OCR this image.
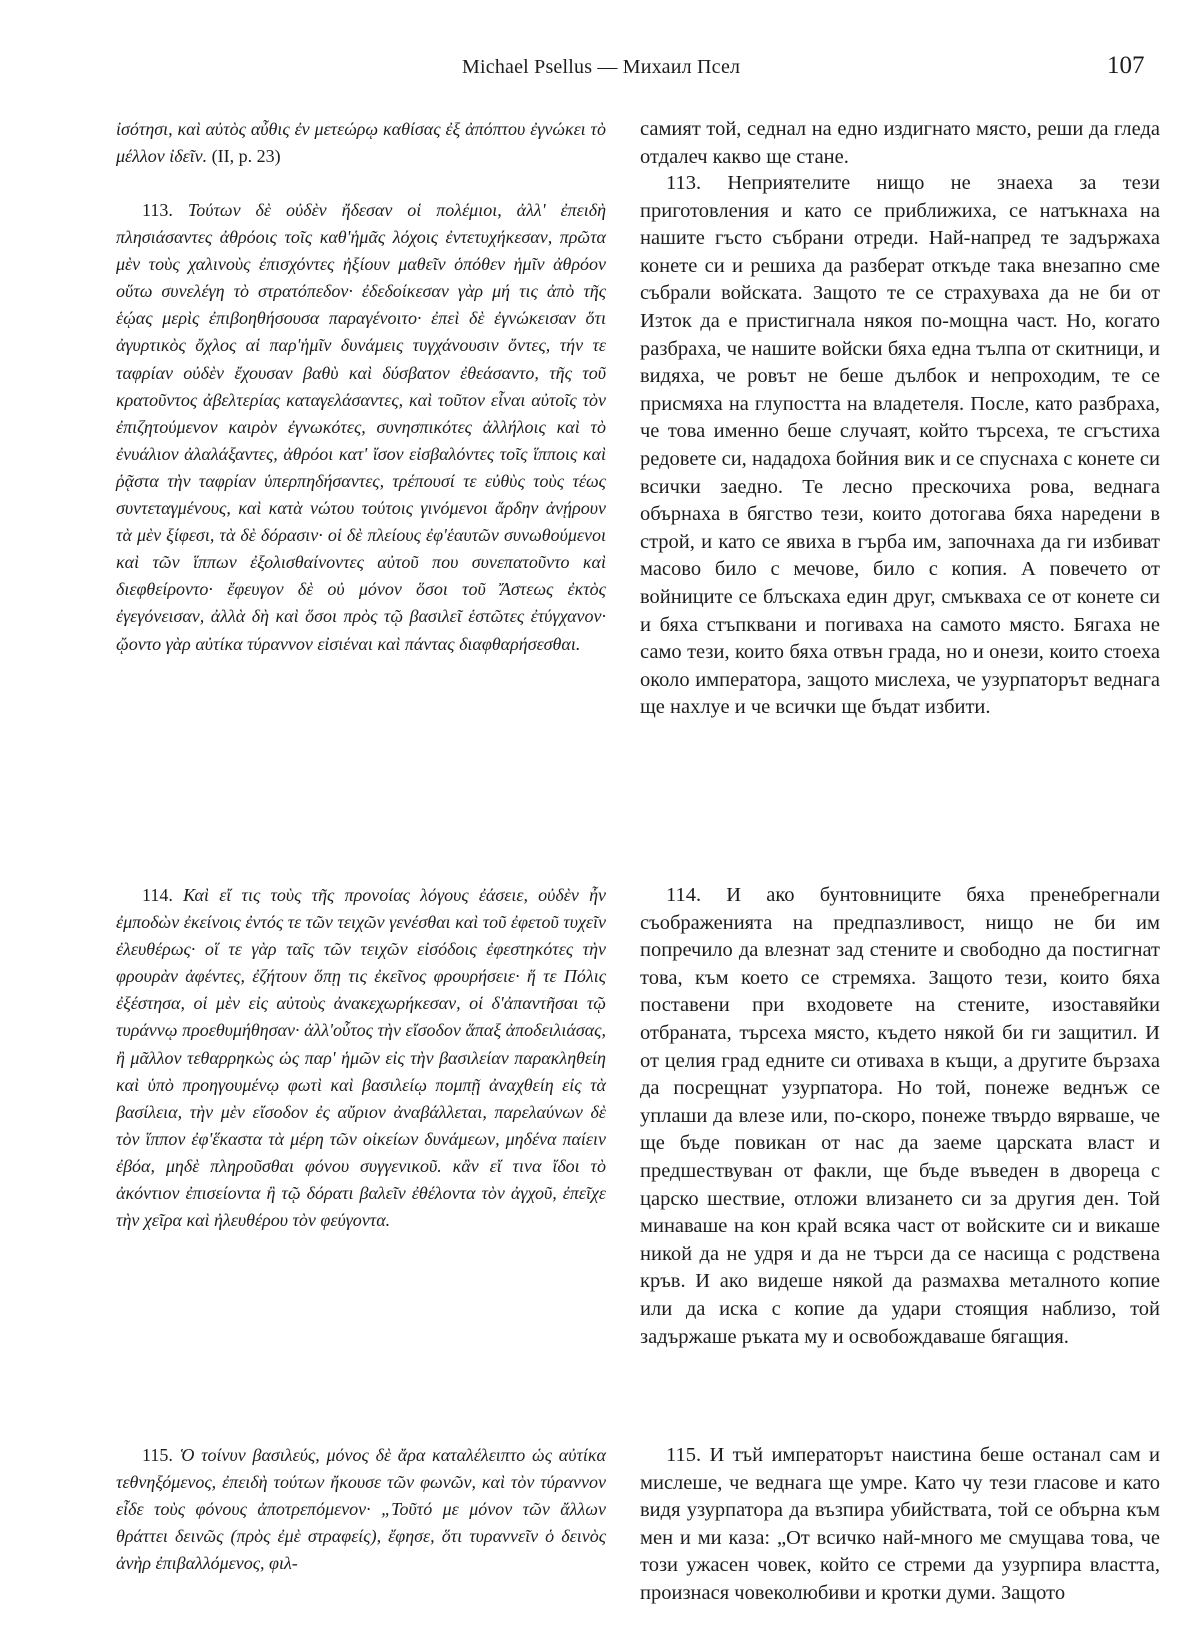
Michael Psellus — Михаил Псел	107
ἰσότησι, καὶ αὐτὸς αὖθις ἐν μετεώρῳ καθίσας ἐξ ἀπόπτου ἐγνώκει τὸ μέλλον ἰδεῖν. (II, p. 23)
113. Τούτων δὲ οὐδὲν ἤδεσαν οἱ πολέμιοι, ἀλλ' ἐπειδὴ πλησιάσαντες ἀθρόοις τοῖς καθ'ἡμᾶς λόχοις ἐντετυχήκεσαν, πρῶτα μὲν τοὺς χαλινοὺς ἐπισχόντες ἠξίουν μαθεῖν ὁπόθεν ἡμῖν ἀθρόον οὕτω συνελέγη τὸ στρατόπεδον· ἐδεδοίκεσαν γὰρ μή τις ἀπὸ τῆς ἑῴας μερὶς ἐπιβοηθήσουσα παραγένοιτο· ἐπεὶ δὲ ἐγνώκεισαν ὅτι ἀγυρτικὸς ὄχλος αἱ παρ'ἡμῖν δυνάμεις τυγχάνουσιν ὄντες, τήν τε ταφρίαν οὐδὲν ἔχουσαν βαθὺ καὶ δύσβατον ἐθεάσαντο, τῆς τοῦ κρατοῦντος ἀβελτερίας καταγελάσαντες, καὶ τοῦτον εἶναι αὐτοῖς τὸν ἐπιζητούμενον καιρὸν ἐγνωκότες, συνησπικότες ἀλλήλοις καὶ τὸ ἐνυάλιον ἀλαλάξαντες, ἀθρόοι κατ' ἴσον εἰσβαλόντες τοῖς ἵπποις καὶ ῥᾷστα τὴν ταφρίαν ὑπερπηδήσαντες, τρέπουσί τε εὐθὺς τοὺς τέως συντεταγμένους, καὶ κατὰ νώτου τούτοις γινόμενοι ἄρδην ἀνῄρουν τὰ μὲν ξίφεσι, τὰ δὲ δόρασιν· οἱ δὲ πλείους ἐφ'ἑαυτῶν συνωθούμενοι καὶ τῶν ἵππων ἐξολισθαίνοντες αὐτοῦ που συνεπατοῦντο καὶ διεφθείροντο· ἔφευγον δὲ οὐ μόνον ὅσοι τοῦ Ἄστεως ἐκτὸς ἐγεγόνεισαν, ἀλλὰ δὴ καὶ ὅσοι πρὸς τῷ βασιλεῖ ἑστῶτες ἐτύγχανον· ᾤοντο γὰρ αὐτίκα τύραννον εἰσιέναι καὶ πάντας διαφθαρήσεσθαι.
114. Καὶ εἴ τις τοὺς τῆς προνοίας λόγους ἐάσειε, οὐδὲν ἦν ἐμποδὼν ἐκείνοις ἐντός τε τῶν τειχῶν γενέσθαι καὶ τοῦ ἐφετοῦ τυχεῖν ἐλευθέρως· οἵ τε γὰρ ταῖς τῶν τειχῶν εἰσόδοις ἐφεστηκότες τὴν φρουρὰν ἀφέντες, ἐζήτουν ὅπῃ τις ἐκεῖνος φρουρήσειε· ἥ τε Πόλις ἐξέστησα, οἱ μὲν εἰς αὐτοὺς ἀνακεχωρήκεσαν, οἱ δ'ἀπαντῆσαι τῷ τυράννῳ προεθυμήθησαν· ἀλλ'οὗτος τὴν εἴσοδον ἅπαξ ἀποδειλιάσας, ἢ μᾶλλον τεθαρρηκὼς ὡς παρ' ἡμῶν εἰς τὴν βασιλείαν παρακληθείη καὶ ὑπὸ προηγουμένῳ φωτὶ καὶ βασιλείῳ πομπῇ ἀναχθείη εἰς τὰ βασίλεια, τὴν μὲν εἴσοδον ἐς αὔριον ἀναβάλλεται, παρελαύνων δὲ τὸν ἵππον ἐφ'ἕκαστα τὰ μέρη τῶν οἰκείων δυνάμεων, μηδένα παίειν ἐβόα, μηδὲ πληροῦσθαι φόνου συγγενικοῦ. κἂν εἴ τινα ἴδοι τὸ ἀκόντιον ἐπισείοντα ἢ τῷ δόρατι βαλεῖν ἐθέλοντα τὸν ἀγχοῦ, ἐπεῖχε τὴν χεῖρα καὶ ἠλευθέρου τὸν φεύγοντα.
115. Ὁ τοίνυν βασιλεύς, μόνος δὲ ἄρα καταλέλειπτο ὡς αὐτίκα τεθνηξόμενος, ἐπειδὴ τούτων ἤκουσε τῶν φωνῶν, καὶ τὸν τύραννον εἶδε τοὺς φόνους ἀποτρεπόμενον· „Τοῦτό με μόνον τῶν ἄλλων θράττει δεινῶς (πρὸς ἐμὲ στραφείς), ἔφησε, ὅτι τυραννεῖν ὁ δεινὸς ἀνὴρ ἐπιβαλλόμενος, φιλ-
самият той, седнал на едно издигнато място, реши да гледа отдалеч какво ще стане.
113. Неприятелите нищо не знаеха за тези приготовления и като се приближиха, се натъкнаха на нашите гъсто събрани отреди. Най-напред те задържаха конете си и решиха да разберат откъде така внезапно сме събрали войската. Защото те се страхуваха да не би от Изток да е пристигнала някоя по-мощна част. Но, когато разбраха, че нашите войски бяха една тълпа от скитници, и видяха, че ровът не беше дълбок и непроходим, те се присмяха на глупостта на владетеля. После, като разбраха, че това именно беше случаят, който търсеха, те сгъстиха редовете си, нададоха бойния вик и се спуснаха с конете си всички заедно. Те лесно прескочиха рова, веднага обърнаха в бягство тези, които дотогава бяха наредени в строй, и като се явиха в гърба им, започнаха да ги избиват масово било с мечове, било с копия. А повечето от войниците се блъскаха един друг, смъкваха се от конете си и бяха стъпквани и погиваха на самото място. Бягаха не само тези, които бяха отвън града, но и онези, които стоеха около императора, защото мислеха, че узурпаторът веднага ще нахлуе и че всички ще бъдат избити.
114. И ако бунтовниците бяха пренебрегнали съображенията на предпазливост, нищо не би им попречило да влезнат зад стените и свободно да постигнат това, към което се стремяха. Защото тези, които бяха поставени при входовете на стените, изоставяйки отбраната, търсеха място, където някой би ги защитил. И от целия град едните си отиваха в къщи, а другите бързаха да посрещнат узурпатора. Но той, понеже веднъж се уплаши да влезе или, по-скоро, понеже твърдо вярваше, че ще бъде повикан от нас да заеме царската власт и предшествуван от факли, ще бъде въведен в двореца с царско шествие, отложи влизането си за другия ден. Той минаваше на кон край всяка част от войските си и викаше никой да не удря и да не търси да се насища с родствена кръв. И ако видеше някой да размахва металното копие или да иска с копие да удари стоящия наблизо, той задържаше ръката му и освобождаваше бягащия.
115. И тъй императорът наистина беше останал сам и мислеше, че веднага ще умре. Като чу тези гласове и като видя узурпатора да възпира убийствата, той се обърна към мен и ми каза: „От всичко най-много ме смущава това, че този ужасен човек, който се стреми да узурпира властта, произнася човеколюбиви и кротки думи. Защото
